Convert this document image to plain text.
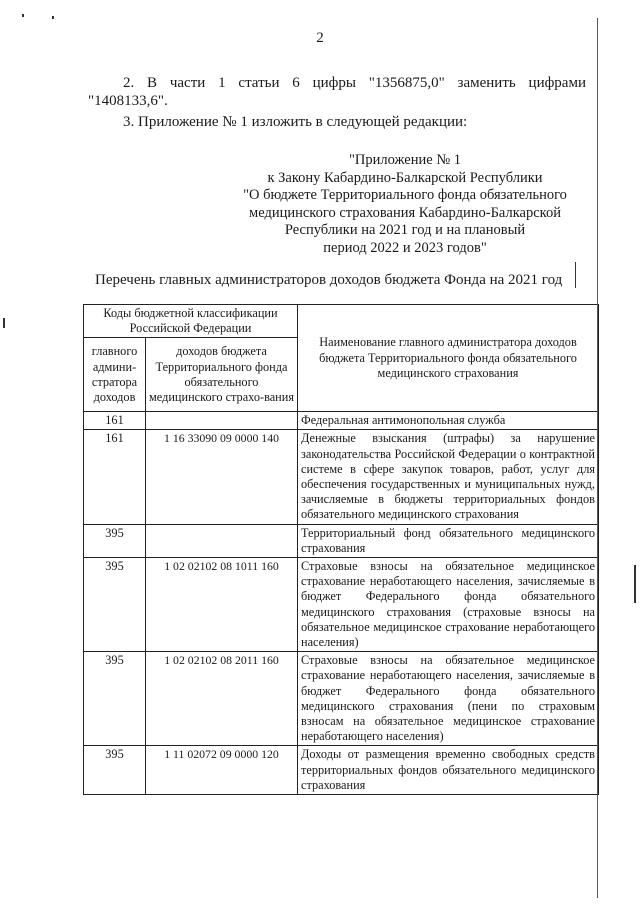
2
2. В части 1 статьи 6 цифры "1356875,0" заменить цифрами
"1408133,6".
3. Приложение № 1 изложить в следующей редакции:
"Приложение № 1
к Закону Кабардино-Балкарской Республики
"О бюджете Территориального фонда обязательного
медицинского страхования Кабардино-Балкарской
Республики на 2021 год и на плановый
период 2022 и 2023 годов"
Перечень главных администраторов доходов бюджета Фонда на 2021 год
Коды бюджетной классификации Российской Федерации		Наименование главного администратора доходов бюджета Территориального фонда обязательного медицинского страхования
главного админи-стратора доходов	доходов бюджета Территориального фонда обязательного медицинского страхо-вания	
161		Федеральная антимонопольная служба
161	1 16 33090 09 0000 140	Денежные взыскания (штрафы) за нарушение законодательства Российской Федерации о контрактной системе в сфере закупок товаров, работ, услуг для обеспечения государственных и муниципальных нужд, зачисляемые в бюджеты территориальных фондов обязательного медицинского страхования
395		Территориальный фонд обязательного медицинского страхования
395	1 02 02102 08 1011 160	Страховые взносы на обязательное медицинское страхование неработающего населения, зачисляемые в бюджет Федерального фонда обязательного медицинского страхования (страховые взносы на обязательное медицинское страхование неработающего населения)
395	1 02 02102 08 2011 160	Страховые взносы на обязательное медицинское страхование неработающего населения, зачисляемые в бюджет Федерального фонда обязательного медицинского страхования (пени по страховым взносам на обязательное медицинское страхование неработающего населения)
395	1 11 02072 09 0000 120	Доходы от размещения временно свободных средств территориальных фондов обязательного медицинского страхования
